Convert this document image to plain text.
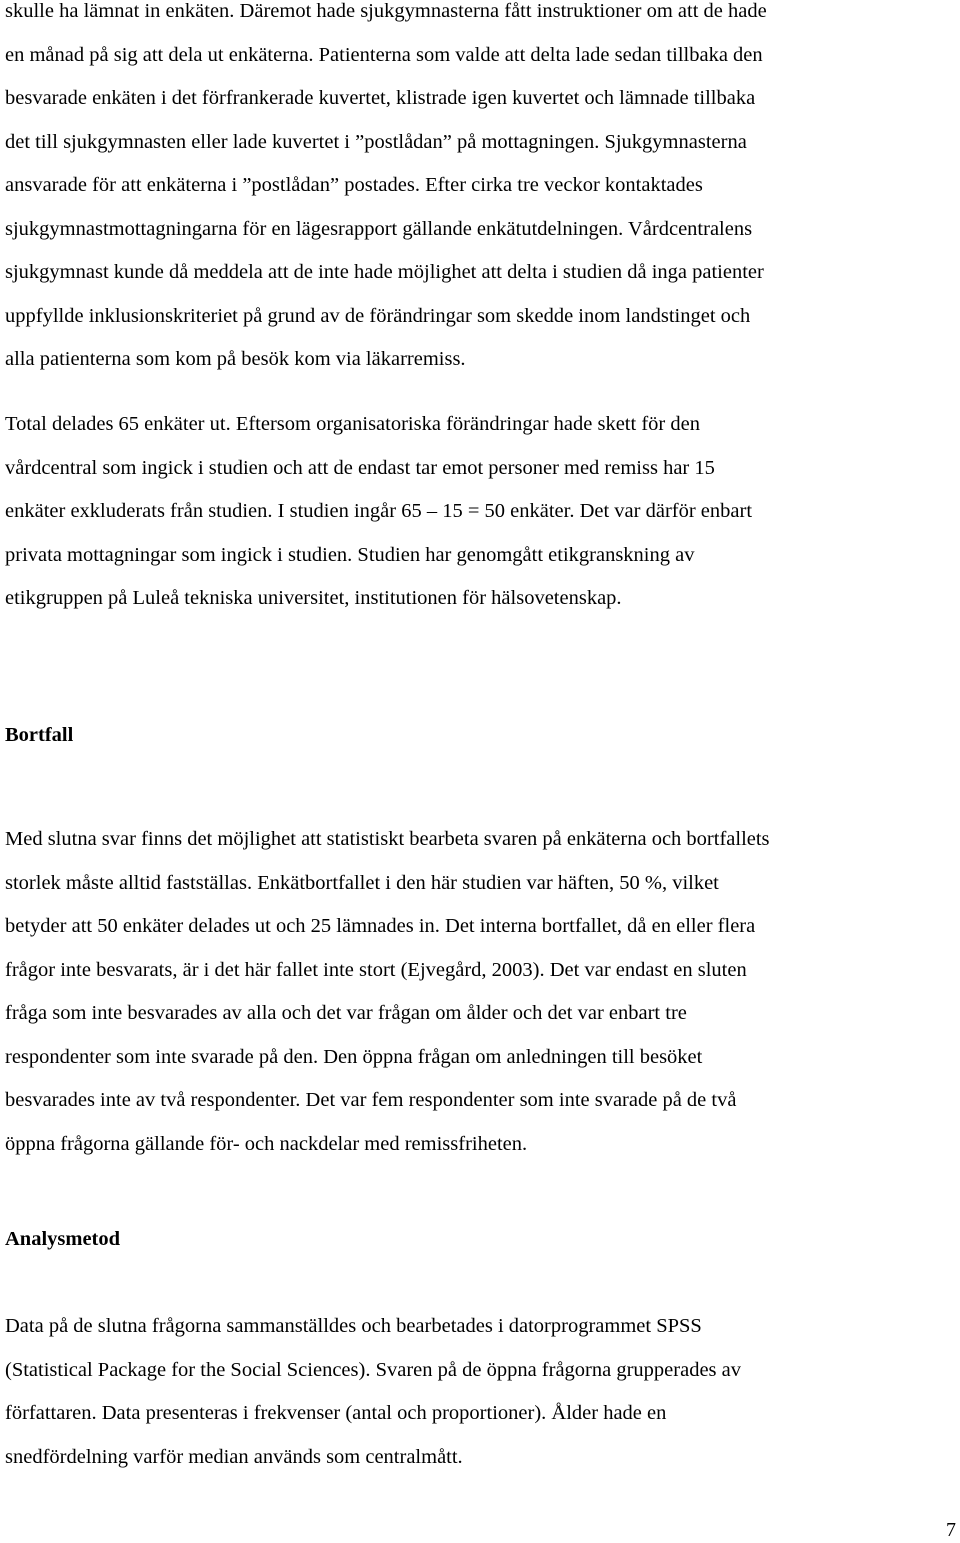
skulle ha lämnat in enkäten. Däremot hade sjukgymnasterna fått instruktioner om att de hade
en månad på sig att dela ut enkäterna. Patienterna som valde att delta lade sedan tillbaka den
besvarade enkäten i det förfrankerade kuvertet, klistrade igen kuvertet och lämnade tillbaka
det till sjukgymnasten eller lade kuvertet i ”postlådan” på mottagningen. Sjukgymnasterna
ansvarade för att enkäterna i ”postlådan” postades. Efter cirka tre veckor kontaktades
sjukgymnastmottagningarna för en lägesrapport gällande enkätutdelningen. Vårdcentralens
sjukgymnast kunde då meddela att de inte hade möjlighet att delta i studien då inga patienter
uppfyllde inklusionskriteriet på grund av de förändringar som skedde inom landstinget och
alla patienterna som kom på besök kom via läkarremiss.
Total delades 65 enkäter ut. Eftersom organisatoriska förändringar hade skett för den
vårdcentral som ingick i studien och att de endast tar emot personer med remiss har 15
enkäter exkluderats från studien. I studien ingår 65 – 15 = 50 enkäter. Det var därför enbart
privata mottagningar som ingick i studien. Studien har genomgått etikgranskning av
etikgruppen på Luleå tekniska universitet, institutionen för hälsovetenskap.
Bortfall
Med slutna svar finns det möjlighet att statistiskt bearbeta svaren på enkäterna och bortfallets
storlek måste alltid fastställas. Enkätbortfallet i den här studien var häften, 50 %, vilket
betyder att 50 enkäter delades ut och 25 lämnades in. Det interna bortfallet, då en eller flera
frågor inte besvarats, är i det här fallet inte stort (Ejvegård, 2003). Det var endast en sluten
fråga som inte besvarades av alla och det var frågan om ålder och det var enbart tre
respondenter som inte svarade på den. Den öppna frågan om anledningen till besöket
besvarades inte av två respondenter. Det var fem respondenter som inte svarade på de två
öppna frågorna gällande för- och nackdelar med remissfriheten.
Analysmetod
Data på de slutna frågorna sammanställdes och bearbetades i datorprogrammet SPSS
(Statistical Package for the Social Sciences). Svaren på de öppna frågorna grupperades av
författaren. Data presenteras i frekvenser (antal och proportioner). Ålder hade en
snedfördelning varför median används som centralmått.
7
